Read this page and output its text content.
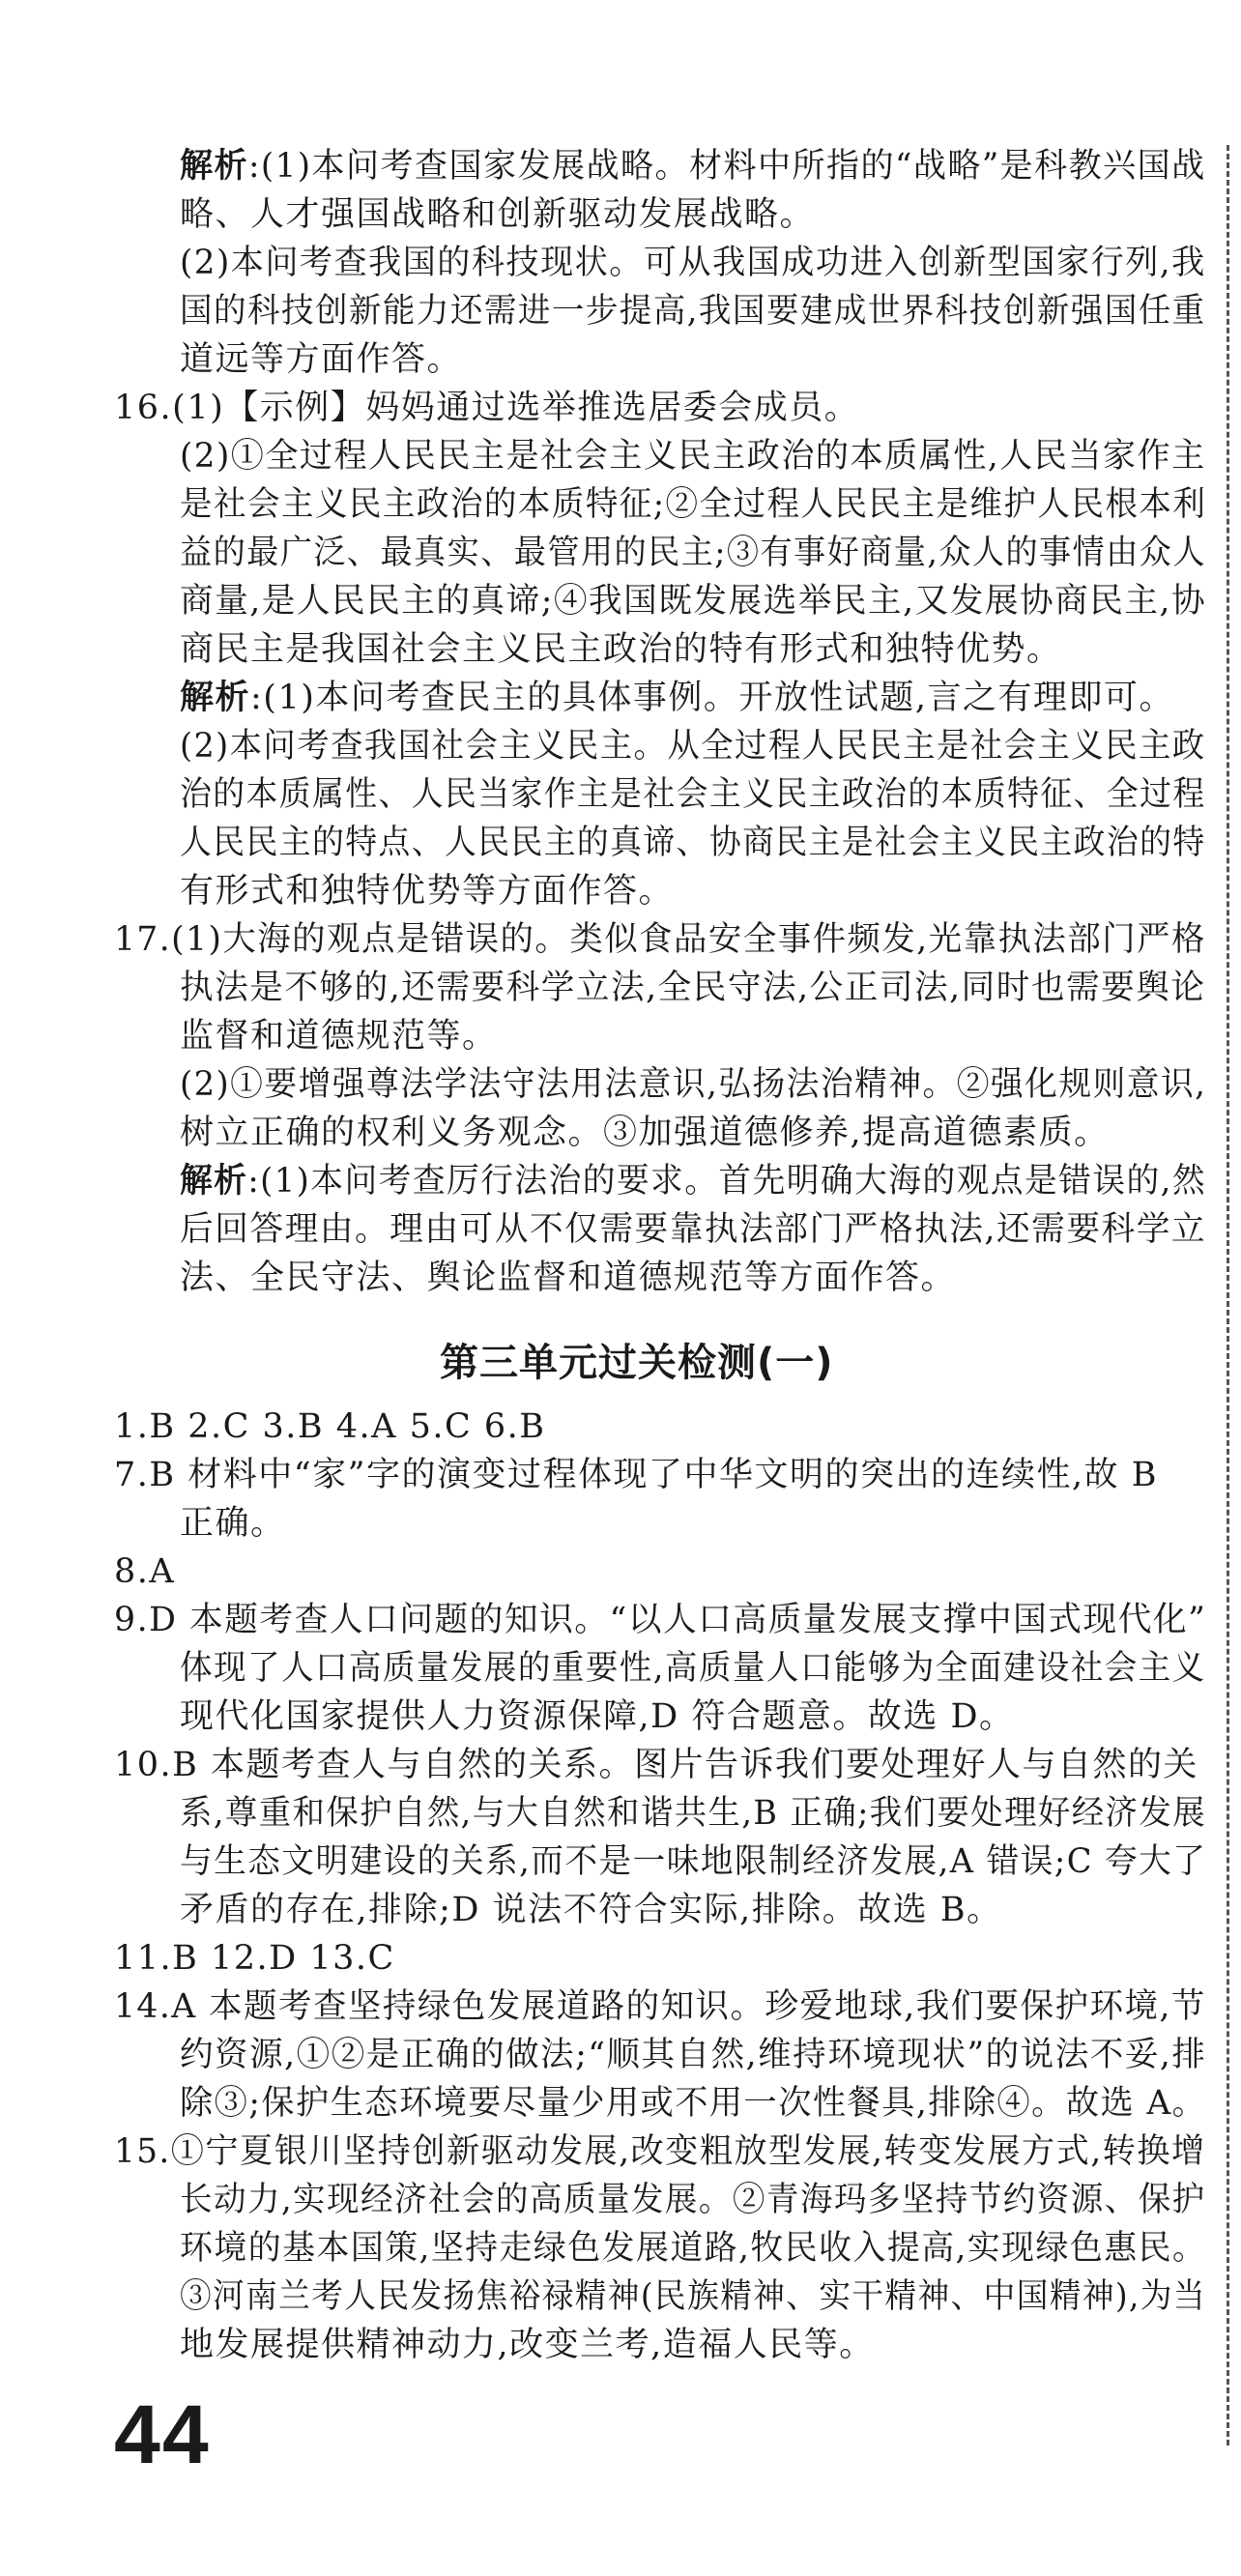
解析:(1)本问考查国家发展战略。材料中所指的“战略”是科教兴国战
略、人才强国战略和创新驱动发展战略。
(2)本问考查我国的科技现状。可从我国成功进入创新型国家行列,我
国的科技创新能力还需进一步提高,我国要建成世界科技创新强国任重
道远等方面作答。
16.(1)【示例】妈妈通过选举推选居委会成员。
(2)①全过程人民民主是社会主义民主政治的本质属性,人民当家作主
是社会主义民主政治的本质特征;②全过程人民民主是维护人民根本利
益的最广泛、最真实、最管用的民主;③有事好商量,众人的事情由众人
商量,是人民民主的真谛;④我国既发展选举民主,又发展协商民主,协
商民主是我国社会主义民主政治的特有形式和独特优势。
解析:(1)本问考查民主的具体事例。开放性试题,言之有理即可。
(2)本问考查我国社会主义民主。从全过程人民民主是社会主义民主政
治的本质属性、人民当家作主是社会主义民主政治的本质特征、全过程
人民民主的特点、人民民主的真谛、协商民主是社会主义民主政治的特
有形式和独特优势等方面作答。
17.(1)大海的观点是错误的。类似食品安全事件频发,光靠执法部门严格
执法是不够的,还需要科学立法,全民守法,公正司法,同时也需要舆论
监督和道德规范等。
(2)①要增强尊法学法守法用法意识,弘扬法治精神。②强化规则意识,
树立正确的权利义务观念。③加强道德修养,提高道德素质。
解析:(1)本问考查厉行法治的要求。首先明确大海的观点是错误的,然
后回答理由。理由可从不仅需要靠执法部门严格执法,还需要科学立
法、全民守法、舆论监督和道德规范等方面作答。
第三单元过关检测(一)
1.B 2.C 3.B 4.A 5.C 6.B
7.B 材料中“家”字的演变过程体现了中华文明的突出的连续性,故 B
正确。
8.A
9.D 本题考查人口问题的知识。“以人口高质量发展支撑中国式现代化”
体现了人口高质量发展的重要性,高质量人口能够为全面建设社会主义
现代化国家提供人力资源保障,D 符合题意。故选 D。
10.B 本题考查人与自然的关系。图片告诉我们要处理好人与自然的关
系,尊重和保护自然,与大自然和谐共生,B 正确;我们要处理好经济发展
与生态文明建设的关系,而不是一味地限制经济发展,A 错误;C 夸大了
矛盾的存在,排除;D 说法不符合实际,排除。故选 B。
11.B 12.D 13.C
14.A 本题考查坚持绿色发展道路的知识。珍爱地球,我们要保护环境,节
约资源,①②是正确的做法;“顺其自然,维持环境现状”的说法不妥,排
除③;保护生态环境要尽量少用或不用一次性餐具,排除④。故选 A。
15.①宁夏银川坚持创新驱动发展,改变粗放型发展,转变发展方式,转换增
长动力,实现经济社会的高质量发展。②青海玛多坚持节约资源、保护
环境的基本国策,坚持走绿色发展道路,牧民收入提高,实现绿色惠民。
③河南兰考人民发扬焦裕禄精神(民族精神、实干精神、中国精神),为当
地发展提供精神动力,改变兰考,造福人民等。
44
